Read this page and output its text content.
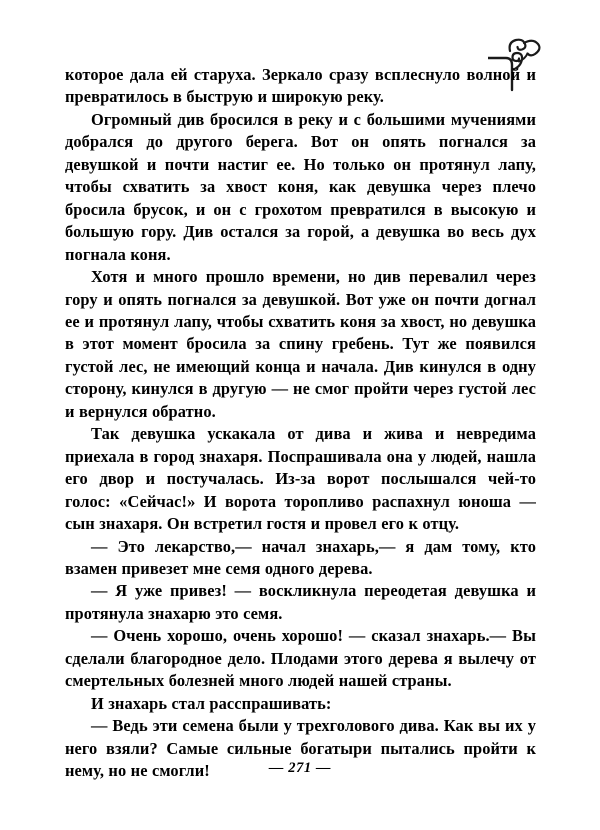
которое дала ей старуха. Зеркало сразу всплеснуло волной и превратилось в быструю и широкую реку.

Огромный див бросился в реку и с большими мучениями добрался до другого берега. Вот он опять погнался за девушкой и почти настиг ее. Но только он протянул лапу, чтобы схватить за хвост коня, как девушка через плечо бросила брусок, и он с грохотом превратился в высокую и большую гору. Див остался за горой, а девушка во весь дух погнала коня.

Хотя и много прошло времени, но див перевалил через гору и опять погнался за девушкой. Вот уже он почти догнал ее и протянул лапу, чтобы схватить коня за хвост, но девушка в этот момент бросила за спину гребень. Тут же появился густой лес, не имеющий конца и начала. Див кинулся в одну сторону, кинулся в другую — не смог пройти через густой лес и вернулся обратно.

Так девушка ускакала от дива и жива и невредима приехала в город знахаря. Поспрашивала она у людей, нашла его двор и постучалась. Из-за ворот послышался чей-то голос: «Сейчас!» И ворота торопливо распахнул юноша — сын знахаря. Он встретил гостя и провел его к отцу.

— Это лекарство,— начал знахарь,— я дам тому, кто взамен привезет мне семя одного дерева.

— Я уже привез! — воскликнула переодетая девушка и протянула знахарю это семя.

— Очень хорошо, очень хорошо! — сказал знахарь.— Вы сделали благородное дело. Плодами этого дерева я вылечу от смертельных болезней много людей нашей страны.

И знахарь стал расспрашивать:

— Ведь эти семена были у трехголового дива. Как вы их у него взяли? Самые сильные богатыри пытались пройти к нему, но не смогли!	— 271 —
